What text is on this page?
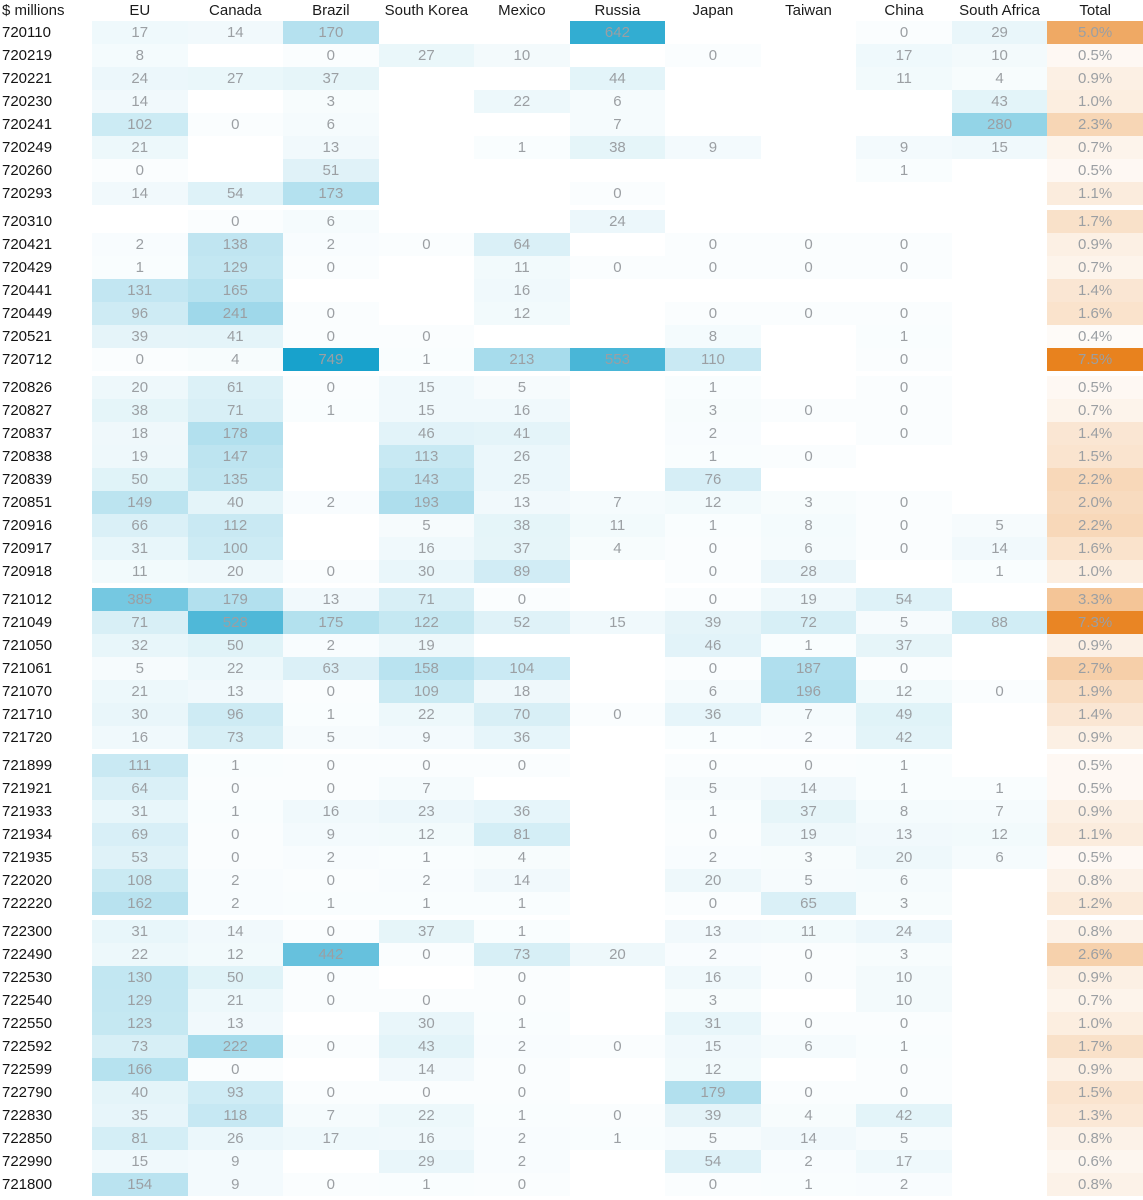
$ millions	EU	Canada	Brazil	South Korea	Mexico	Russia	Japan	Taiwan	China	South Africa	Total
720110	17	14	170			642			0	29	5.0%
720219	8		0	27	10		0		17	10	0.5%
720221	24	27	37			44			11	4	0.9%
720230	14		3		22	6				43	1.0%
720241	102	0	6			7				280	2.3%
720249	21		13		1	38	9		9	15	0.7%
720260	0		51						1		0.5%
720293	14	54	173			0					1.1%

720310		0	6			24					1.7%
720421	2	138	2	0	64		0	0	0		0.9%
720429	1	129	0		11	0	0	0	0		0.7%
720441	131	165			16						1.4%
720449	96	241	0		12		0	0	0		1.6%
720521	39	41	0	0			8		1		0.4%
720712	0	4	749	1	213	553	110		0		7.5%

720826	20	61	0	15	5		1		0		0.5%
720827	38	71	1	15	16		3	0	0		0.7%
720837	18	178		46	41		2		0		1.4%
720838	19	147		113	26		1	0			1.5%
720839	50	135		143	25		76				2.2%
720851	149	40	2	193	13	7	12	3	0		2.0%
720916	66	112		5	38	11	1	8	0	5	2.2%
720917	31	100		16	37	4	0	6	0	14	1.6%
720918	11	20	0	30	89		0	28		1	1.0%

721012	385	179	13	71	0		0	19	54		3.3%
721049	71	528	175	122	52	15	39	72	5	88	7.3%
721050	32	50	2	19			46	1	37		0.9%
721061	5	22	63	158	104		0	187	0		2.7%
721070	21	13	0	109	18		6	196	12	0	1.9%
721710	30	96	1	22	70	0	36	7	49		1.4%
721720	16	73	5	9	36		1	2	42		0.9%

721899	111	1	0	0	0		0	0	1		0.5%
721921	64	0	0	7			5	14	1	1	0.5%
721933	31	1	16	23	36		1	37	8	7	0.9%
721934	69	0	9	12	81		0	19	13	12	1.1%
721935	53	0	2	1	4		2	3	20	6	0.5%
722020	108	2	0	2	14		20	5	6		0.8%
722220	162	2	1	1	1		0	65	3		1.2%

722300	31	14	0	37	1		13	11	24		0.8%
722490	22	12	442	0	73	20	2	0	3		2.6%
722530	130	50	0		0		16	0	10		0.9%
722540	129	21	0	0	0		3		10		0.7%
722550	123	13		30	1		31	0	0		1.0%
722592	73	222	0	43	2	0	15	6	1		1.7%
722599	166	0		14	0		12		0		0.9%
722790	40	93	0	0	0		179	0	0		1.5%
722830	35	118	7	22	1	0	39	4	42		1.3%
722850	81	26	17	16	2	1	5	14	5		0.8%
722990	15	9		29	2		54	2	17		0.6%
721800	154	9	0	1	0		0	1	2		0.8%
